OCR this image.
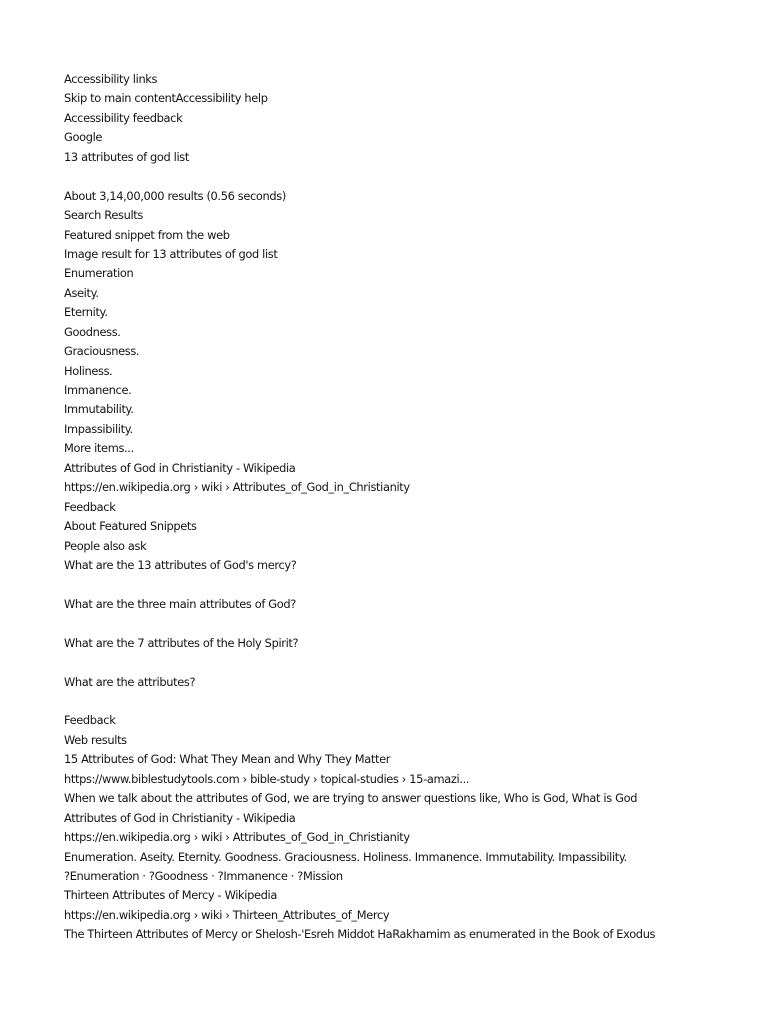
Accessibility links
Skip to main contentAccessibility help
Accessibility feedback
Google
13 attributes of god list
About 3,14,00,000 results (0.56 seconds)
Search Results
Featured snippet from the web
Image result for 13 attributes of god list
Enumeration
Aseity.
Eternity.
Goodness.
Graciousness.
Holiness.
Immanence.
Immutability.
Impassibility.
More items...
Attributes of God in Christianity - Wikipedia
https://en.wikipedia.org › wiki › Attributes_of_God_in_Christianity
Feedback
About Featured Snippets
People also ask
What are the 13 attributes of God's mercy?
What are the three main attributes of God?
What are the 7 attributes of the Holy Spirit?
What are the attributes?
Feedback
Web results
15 Attributes of God: What They Mean and Why They Matter
https://www.biblestudytools.com › bible-study › topical-studies › 15-amazi...
When we talk about the attributes of God, we are trying to answer questions like, Who is God, What is God
Attributes of God in Christianity - Wikipedia
https://en.wikipedia.org › wiki › Attributes_of_God_in_Christianity
Enumeration. Aseity. Eternity. Goodness. Graciousness. Holiness. Immanence. Immutability. Impassibility.
?Enumeration · ?Goodness · ?Immanence · ?Mission
Thirteen Attributes of Mercy - Wikipedia
https://en.wikipedia.org › wiki › Thirteen_Attributes_of_Mercy
The Thirteen Attributes of Mercy or Shelosh-'Esreh Middot HaRakhamim as enumerated in the Book of Exodus
